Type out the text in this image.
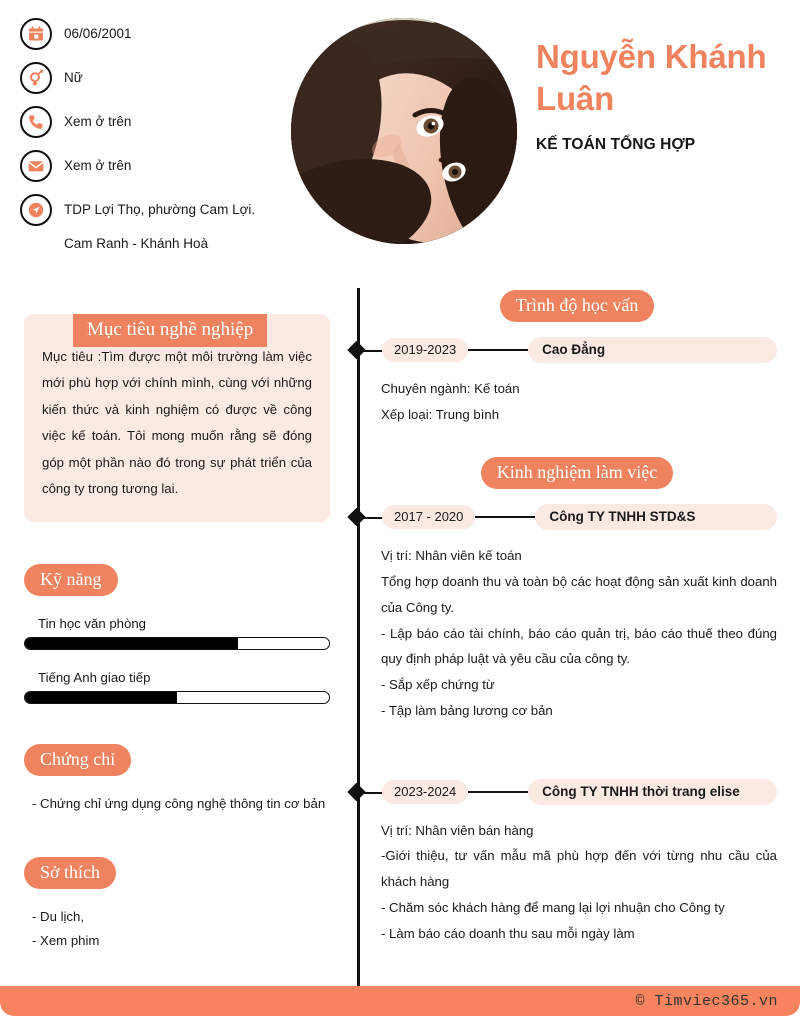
06/06/2001
Nữ
Xem ở trên
Xem ở trên
TDP Lợi Thọ, phường Cam Lợi.
Cam Ranh - Khánh Hoà
Nguyễn Khánh Luân
KẾ TOÁN TỔNG HỢP
Mục tiêu nghề nghiệp
Mục tiêu :Tìm được một môi trường làm việc mới phù hợp với chính mình, cùng với những kiến thức và kinh nghiệm có được về công việc kế toán. Tôi mong muốn rằng sẽ đóng góp một phần nào đó trong sự phát triển của công ty trong tương lai.
Kỹ năng
Tin học văn phòng
Tiếng Anh giao tiếp
Chứng chỉ
- Chứng chỉ ứng dụng công nghệ thông tin cơ bản
Sở thích
- Du lịch,
- Xem phim
Trình độ học vấn
2019-2023	Cao Đẳng
Chuyên ngành: Kế toán
Xếp loại: Trung bình
Kinh nghiệm làm việc
2017 - 2020	Công TY TNHH STD&S
Vị trí: Nhân viên kế toán
Tổng hợp doanh thu và toàn bộ các hoạt động sản xuất kinh doanh của Công ty.
- Lập báo cáo tài chính, báo cáo quản trị, báo cáo thuế theo đúng quy định pháp luật và yêu cầu của công ty.
- Sắp xếp chứng từ
- Tập làm bảng lương cơ bản
2023-2024	Công TY TNHH thời trang elise
Vị trí: Nhân viên bán hàng
-Giới thiệu, tư vấn mẫu mã phù hợp đến với từng nhu cầu của khách hàng
- Chăm sóc khách hàng để mang lại lợi nhuận cho Công ty
- Làm báo cáo doanh thu sau mỗi ngày làm
© Timviec365.vn
